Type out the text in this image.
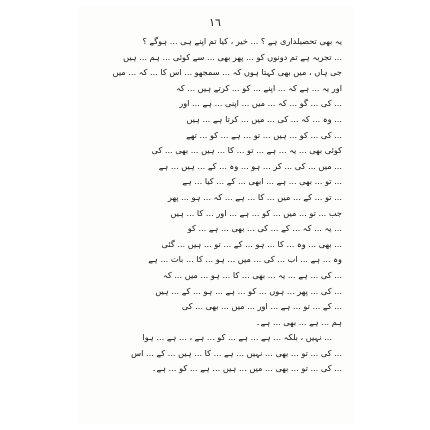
١٦
یہ بھی تحصیلداری ہے ؟ ... خیر ، کیا تم اپنے ہی ... ہوگے ؟
... تجربہ ہے تم دونوں کو ... پھر بھی ... سے کوئی ... ہم ... ہیں
جی ہاں ، میں بھی کہتا ہوں کہ ... سمجھو ... اس کا ... کہ ... میں
اور یہ ... ہے کہ ... اپنے ... کو ... کرتے ہیں ... کہ
... کی ... گو ... کہ ... میں ... اپنی ... ہے ... اور
... وہ ... کہ ... کی ... میں ... کرتا ہے ... ہیں
... کی ... کو ... ہیں ... تو ... ہے ... کو ... تھے
کوئی بھی ... یہ ... ہے ... تو ... کا ... ہیں ... بھی ... کی
... میں ... کی ... کر ... ہو ... وہ ... کے ... ہیں ... ہے
... تو ... بھی ... ہے ... ابھی ... کے ... کیا ... ہے
... تو ... کے ... میں ... کا ... ہے ... کہ ... ہو ... پھر
جب ... تو ... میں ... کو ... ہے ... اور ... کا ... ہیں
... یہ ... کہ ... کے ... کی ... بھی ... ہے ... کو
... بھی ... وہ ... کا ... ہو ... کے ... تو ... ہیں ... گئی
وہ ... ہے ... اب ... کی ... میں ... ہو ... کا ... بات ... ہے
... کی ... ہے ... یہ ... بھی ... کا ... ہو ... میں ... کہ
... کی ... پھر ... ہوں ... کو ... ہے ... ہو ... کے ... ہیں
... کے ... تو ... ہے ... اور ... میں ... بھی ... کی
ہم ... ہے ... بھی ... ہے۔
... نہیں ، بلکہ ... ہے ... ہے ... کو ... ہے ، ... ہے ... ہوا
... کی ... تو ... بھی ... نہیں ... ہے ... کا ... ہیں ... کے ... اس
... کی ... تو ... بھی ... میں ... ہیں ... ہے ... کو ... ہے۔
